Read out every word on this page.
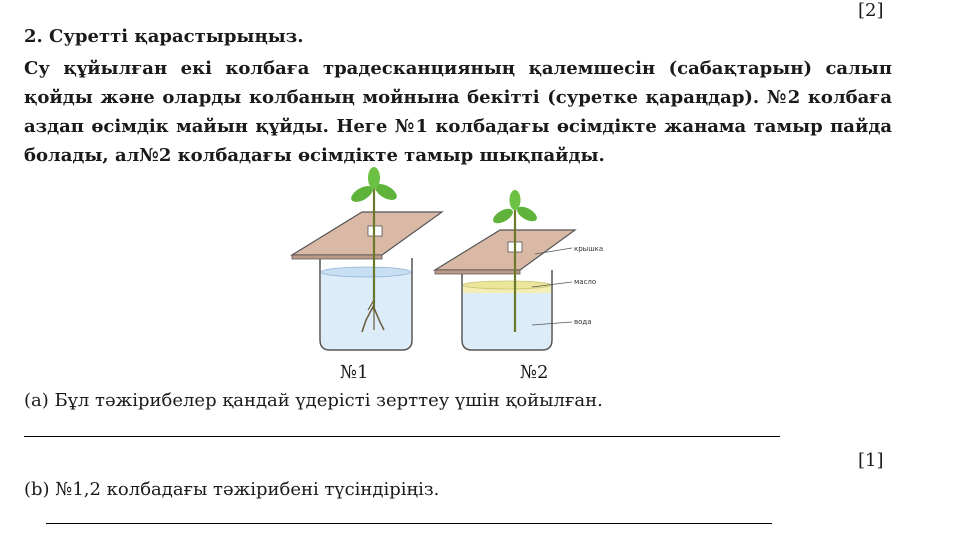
[2]
2. Суретті қарастырыңыз.
Су құйылған екі колбаға традесканцияның қалемшесін (сабақтарын) салып қойды және оларды колбаның мойнына бекітті (суретке қараңдар). №2 колбаға аздап өсімдік майын құйды. Неге №1 колбадағы өсімдікте жанама тамыр пайда болады, ал№2 колбадағы өсімдікте тамыр шықпайды.
крышка
масло
вода
№1	№2
(a) Бұл тәжірибелер қандай үдерісті зерттеу үшін қойылған.
[1]
(b) №1,2 колбадағы тәжірибені түсіндіріңіз.
